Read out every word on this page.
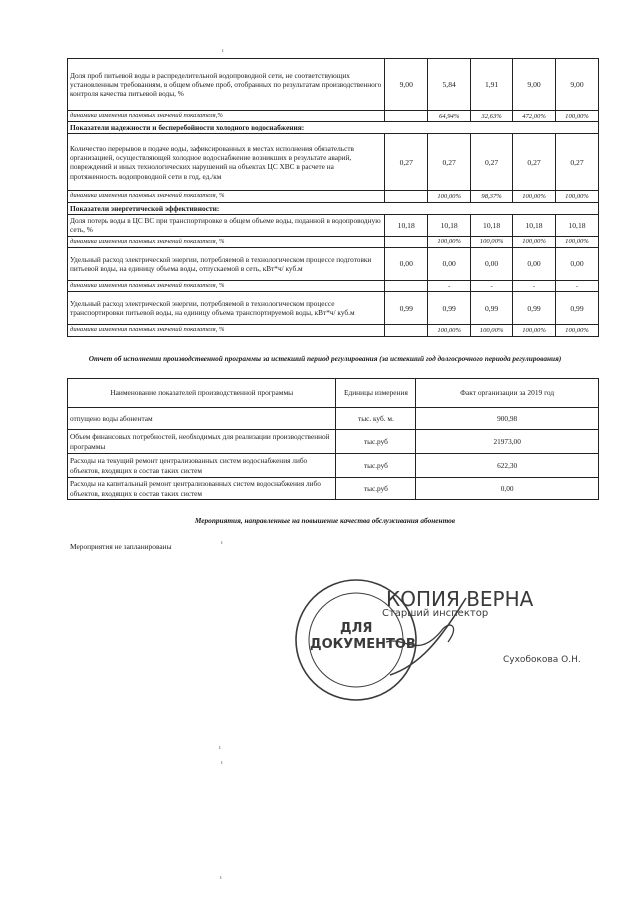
ı
ı
ı
ı
ı
Доля проб питьевой воды в распределительной водопроводной сети, не соответствующих установленным требованиям, в общем объеме проб, отобранных по результатам производственного контроля качества питьевой воды, %	9,00	5,84	1,91	9,00	9,00
динамика изменения плановых значений показателя,%		64,94%	32,63%	472,00%	100,00%
Показатели надежности и бесперебойности холодного водоснабжения:					
Количество перерывов в подаче воды, зафиксированных в местах исполнения обязательств организацией, осуществляющей холодное водоснабжение возникших в результате аварий, повреждений и иных технологических нарушений на объектах ЦС ХВС в расчете на протяженность водопроводной сети в год, ед./км	0,27	0,27	0,27	0,27	0,27
динамика изменения плановых значений показателя, %		100,00%	98,37%	100,00%	100,00%
Показатели энергетической эффективности:					
Доля потерь воды в ЦС ВС при транспортировке в общем объеме воды, поданной в водопроводную сеть, %	10,18	10,18	10,18	10,18	10,18
динамика изменения плановых значений показателя, %		100,00%	100,00%	100,00%	100,00%
Удельный расход электрической энергии, потребляемой в технологическом процессе подготовки питьевой воды, на единицу объема воды, отпускаемой в сеть, кВт*ч/ куб.м	0,00	0,00	0,00	0,00	0,00
динамика изменения плановых значений показателя, %		-	-	-	-
Удельный расход электрической энергии, потребляемой в технологическом процессе транспортировки питьевой воды, на единицу объема транспортируемой воды, кВт*ч/ куб.м	0,99	0,99	0,99	0,99	0,99
динамика изменения плановых значений показателя, %		100,00%	100,00%	100,00%	100,00%
Отчет об исполнении производственной программы за истекший период регулирования (за истекший год долгосрочного периода регулирования)
Наименование показателей производственной программы	Единицы измерения	Факт организации за 2019 год
отпущено воды абонентам	тыс. куб. м.	900,98
Объем финансовых потребностей, необходимых для реализации производственной программы	тыс.руб	21973,00
Расходы на текущий ремонт централизованных систем водоснабжения либо объектов, входящих в состав таких систем	тыс.руб	622,30
Расходы на капитальный ремонт централизованных систем водоснабжения либо объектов, входящих в состав таких систем	тыс.руб	0,00
Мероприятия, направленные на повышение качества обслуживания абонентов
Мероприятия не запланированы
КОПИЯ ВЕРНА
Старший инспектор
ДЛЯ
ДОКУМЕНТОВ
Сухобокова О.Н.
